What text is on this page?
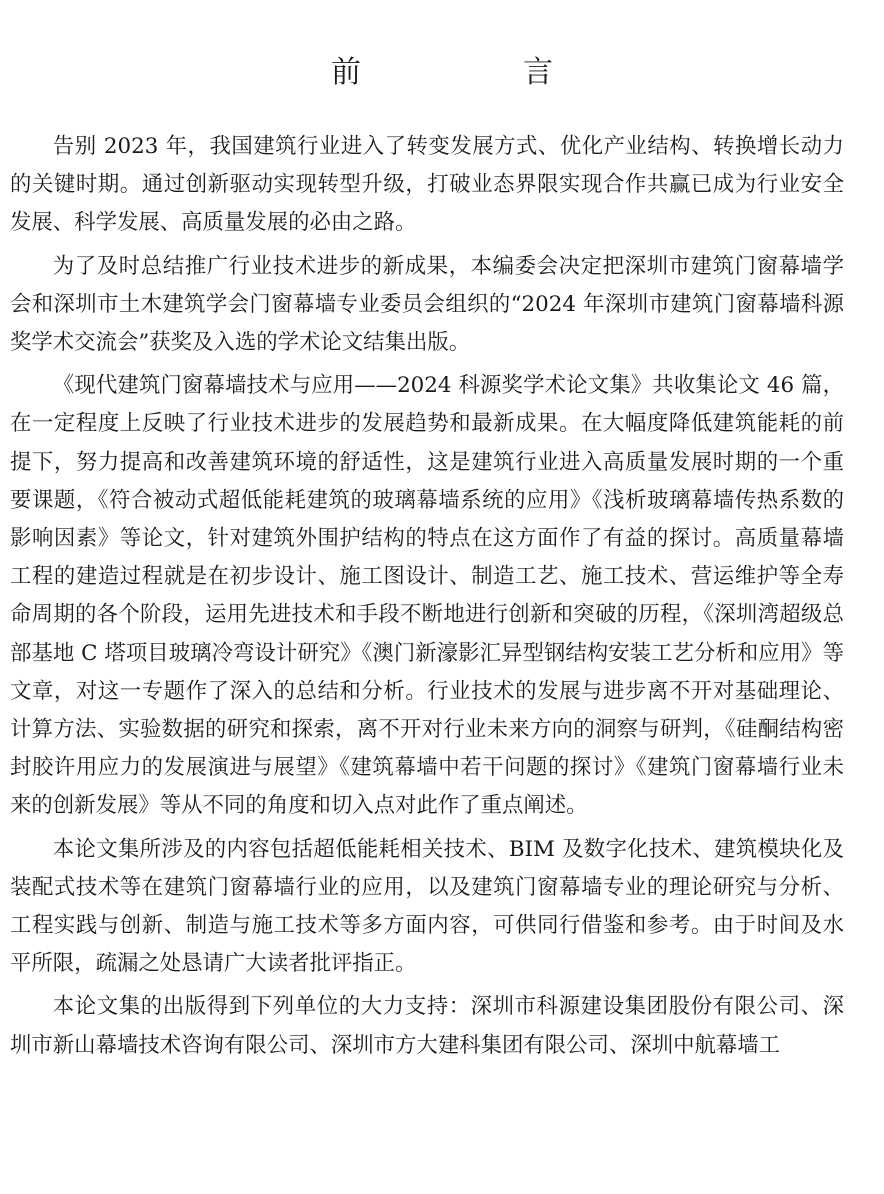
前　言

告别 2023 年，我国建筑行业进入了转变发展方式、优化产业结构、转换增长动力的关键时期。通过创新驱动实现转型升级，打破业态界限实现合作共赢已成为行业安全发展、科学发展、高质量发展的必由之路。

为了及时总结推广行业技术进步的新成果，本编委会决定把深圳市建筑门窗幕墙学会和深圳市土木建筑学会门窗幕墙专业委员会组织的“2024 年深圳市建筑门窗幕墙科源奖学术交流会”获奖及入选的学术论文结集出版。

《现代建筑门窗幕墙技术与应用——2024 科源奖学术论文集》共收集论文 46 篇，在一定程度上反映了行业技术进步的发展趋势和最新成果。在大幅度降低建筑能耗的前提下，努力提高和改善建筑环境的舒适性，这是建筑行业进入高质量发展时期的一个重要课题，《符合被动式超低能耗建筑的玻璃幕墙系统的应用》《浅析玻璃幕墙传热系数的影响因素》等论文，针对建筑外围护结构的特点在这方面作了有益的探讨。高质量幕墙工程的建造过程就是在初步设计、施工图设计、制造工艺、施工技术、营运维护等全寿命周期的各个阶段，运用先进技术和手段不断地进行创新和突破的历程，《深圳湾超级总部基地 C 塔项目玻璃冷弯设计研究》《澳门新濠影汇异型钢结构安装工艺分析和应用》等文章，对这一专题作了深入的总结和分析。行业技术的发展与进步离不开对基础理论、计算方法、实验数据的研究和探索，离不开对行业未来方向的洞察与研判，《硅酮结构密封胶许用应力的发展演进与展望》《建筑幕墙中若干问题的探讨》《建筑门窗幕墙行业未来的创新发展》等从不同的角度和切入点对此作了重点阐述。

本论文集所涉及的内容包括超低能耗相关技术、BIM 及数字化技术、建筑模块化及装配式技术等在建筑门窗幕墙行业的应用，以及建筑门窗幕墙专业的理论研究与分析、工程实践与创新、制造与施工技术等多方面内容，可供同行借鉴和参考。由于时间及水平所限，疏漏之处恳请广大读者批评指正。

本论文集的出版得到下列单位的大力支持：深圳市科源建设集团股份有限公司、深圳市新山幕墙技术咨询有限公司、深圳市方大建科集团有限公司、深圳中航幕墙工
